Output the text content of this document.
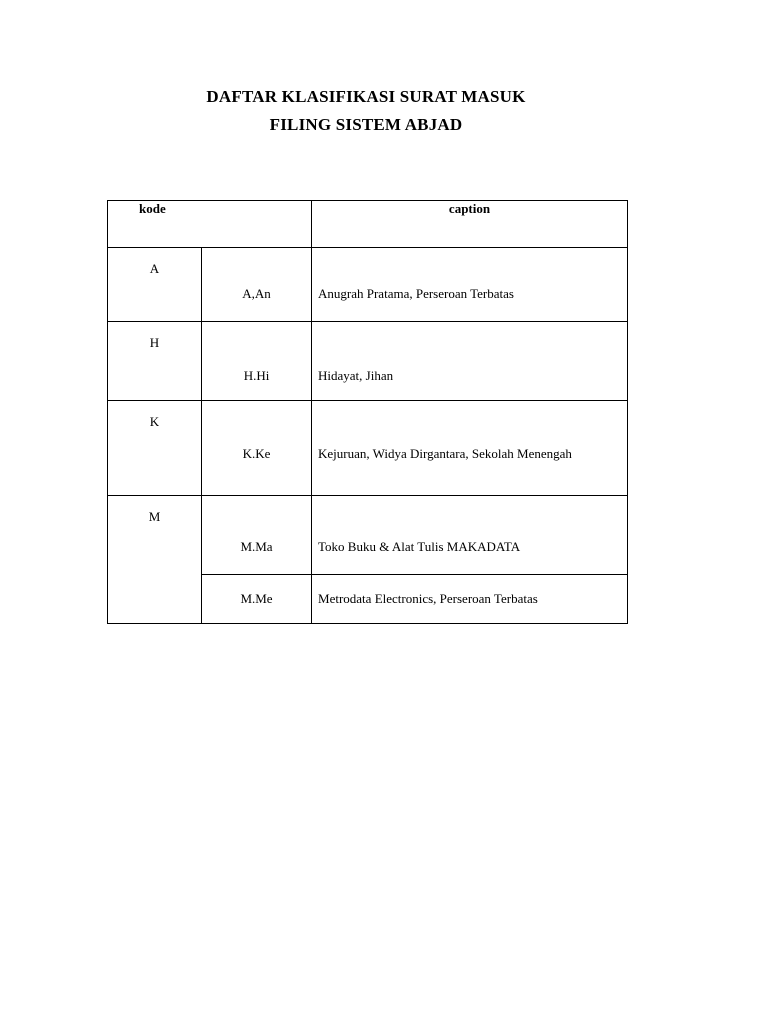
DAFTAR KLASIFIKASI SURAT MASUK
FILING SISTEM ABJAD
kode		caption
A	A,An	Anugrah Pratama, Perseroan Terbatas

H	H.Hi	Hidayat, Jihan

K	K.Ke	Kejuruan, Widya Dirgantara, Sekolah Menengah

M	M.Ma	Toko Buku & Alat Tulis MAKADATA

	M.Me	Metrodata Electronics, Perseroan Terbatas
